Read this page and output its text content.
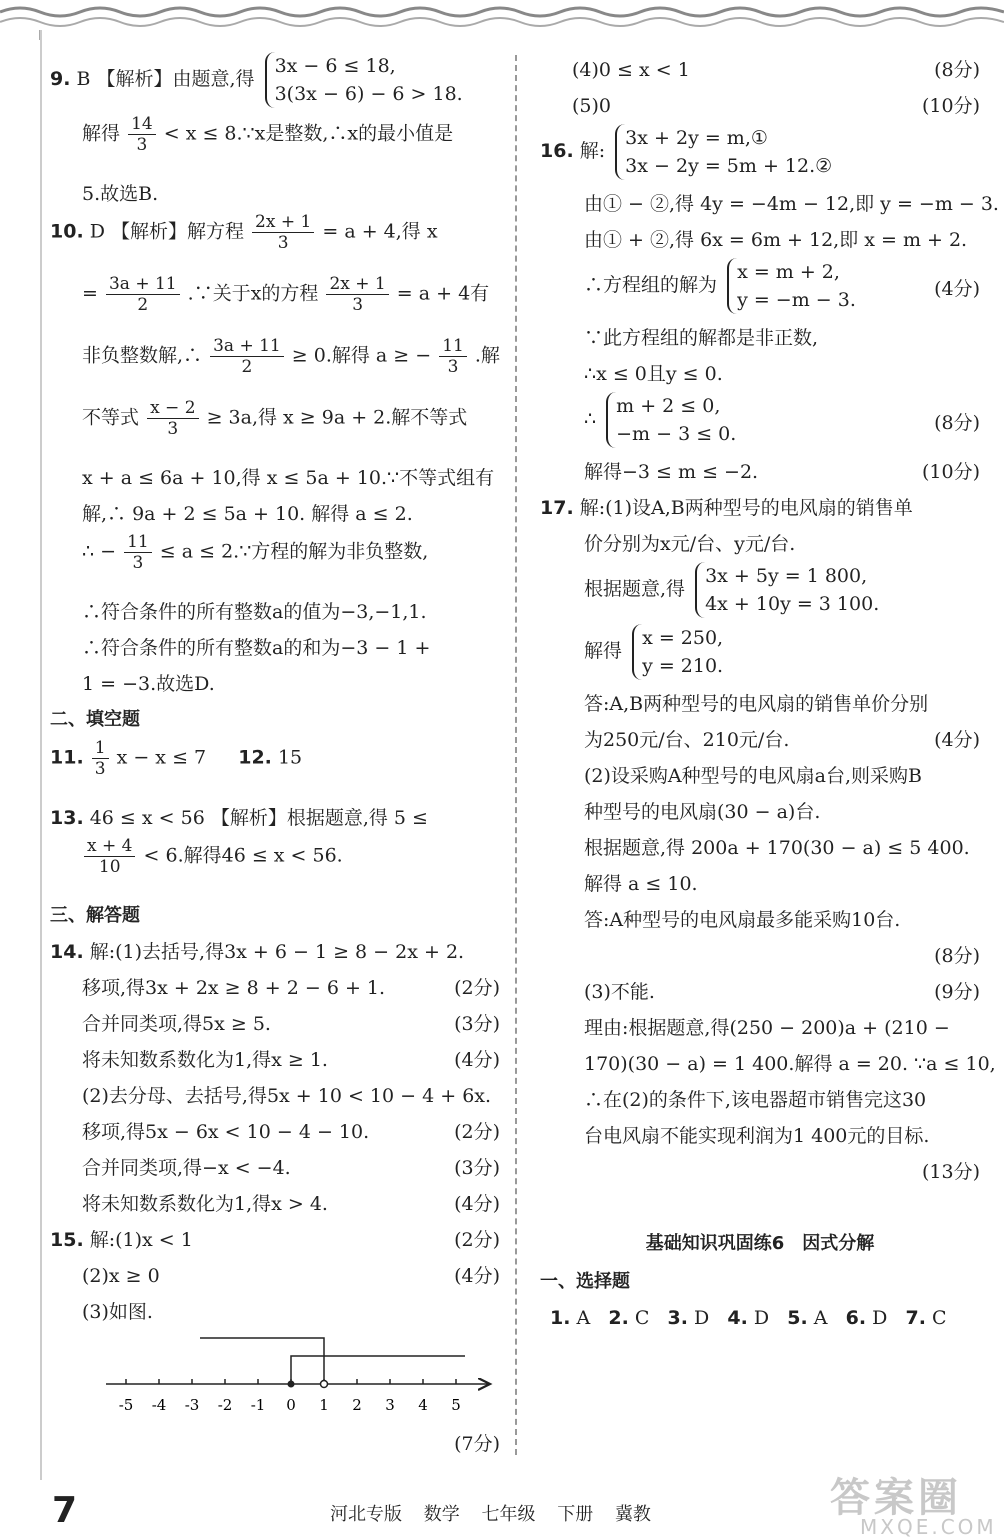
9. B 【解析】由题意,得
3x − 6 ≤ 18,
3(3x − 6) − 6 > 18.
解得 $\frac{14}{3} < x$ ≤ 8.∵x是整数,∴x的最小值是
5.故选B.
10. D 【解析】解方程 $\frac{2x + 1}{3} = a + 4$,得 x
= $\frac{3a + 11}{2}$ .∵关于x的方程 $\frac{2x + 1}{3} = a + 4$有
非负整数解,∴ $\frac{3a + 11}{2} \ge 0$.解得 a ≥ − $\frac{11}{3}$ .解
不等式 $\frac{x - 2}{3} \ge 3a$,得 x ≥ 9a + 2.解不等式
x + a ≤ 6a + 10,得 x ≤ 5a + 10.∵不等式组有
解,∴ 9a + 2 ≤ 5a + 10. 解得 a ≤ 2.
∴ − $\frac{11}{3} \le a$ ≤ 2.∵方程的解为非负整数,
∴符合条件的所有整数a的值为−3,−1,1.
∴符合条件的所有整数a的和为−3 − 1 +
1 = −3.故选D.
二、填空题
11. $\frac{1}{3}$ x − x ≤ 7 12. 15
13. 46 ≤ x < 56 【解析】根据题意,得 5 ≤
$\frac{x + 4}{10} < 6$.解得46 ≤ x < 56.
三、解答题
14. 解:(1)去括号,得3x + 6 − 1 ≥ 8 − 2x + 2.
移项,得3x + 2x ≥ 8 + 2 − 6 + 1.	(2分)
合并同类项,得5x ≥ 5.	(3分)
将未知数系数化为1,得x ≥ 1.	(4分)
(2)去分母、去括号,得5x + 10 < 10 − 4 + 6x.
移项,得5x − 6x < 10 − 4 − 10.	(2分)
合并同类项,得−x < −4.	(3分)
将未知数系数化为1,得x > 4.	(4分)
15. 解:(1)x < 1	(2分)
(2)x ≥ 0	(4分)
(3)如图.
-5 -4 -3 -2 -1 0 1 2 3 4 5
(7分)
(4)0 ≤ x < 1	(8分)
(5)0	(10分)
16. 解:
3x + 2y = m,①
3x − 2y = 5m + 12.②
由① − ②,得 4y = −4m − 12,即 y = −m − 3.
由① + ②,得 6x = 6m + 12,即 x = m + 2.
∴方程组的解为
x = m + 2,
y = −m − 3.	(4分)
∵此方程组的解都是非正数,
∴x ≤ 0且y ≤ 0.
∴
m + 2 ≤ 0,
−m − 3 ≤ 0.	(8分)
解得−3 ≤ m ≤ −2.	(10分)
17. 解:(1)设A,B两种型号的电风扇的销售单
价分别为x元/台、y元/台.
根据题意,得
3x + 5y = 1 800,
4x + 10y = 3 100.
解得
x = 250,
y = 210.
答:A,B两种型号的电风扇的销售单价分别
为250元/台、210元/台.	(4分)
(2)设采购A种型号的电风扇a台,则采购B
种型号的电风扇(30 − a)台.
根据题意,得 200a + 170(30 − a) ≤ 5 400.
解得 a ≤ 10.
答:A种型号的电风扇最多能采购10台.
(8分)
(3)不能.	(9分)
理由:根据题意,得(250 − 200)a + (210 −
170)(30 − a) = 1 400.解得 a = 20. ∵a ≤ 10,
∴在(2)的条件下,该电器超市销售完这30
台电风扇不能实现利润为1 400元的目标.
(13分)
基础知识巩固练6　因式分解
一、选择题
1. A 2. C 3. D 4. D 5. A 6. D 7. C
7	河北专版 数学 七年级 下册 冀教	答案圈
MXQE.COM
